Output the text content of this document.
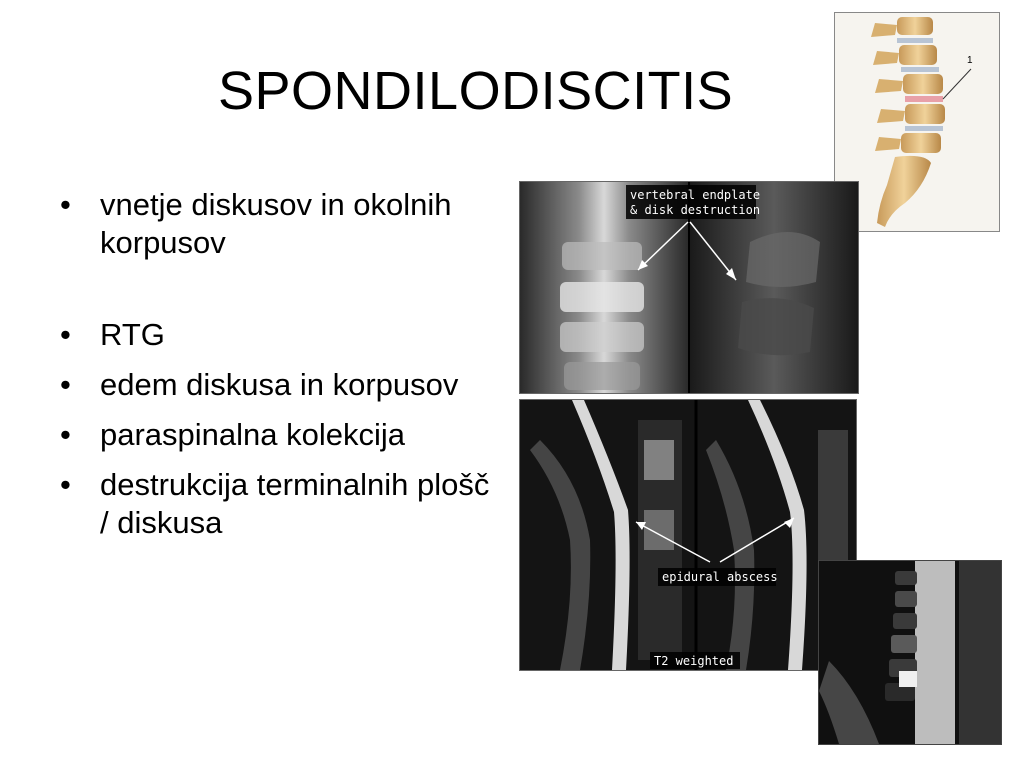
SPONDILODISCITIS
• vnetje diskusov in okolnih korpusov
• RTG
• edem diskusa in korpusov
• paraspinalna kolekcija
• destrukcija terminalnih plošč / diskusa
1
vertebral endplate
& disk destruction
epidural abscess
T2 weighted
